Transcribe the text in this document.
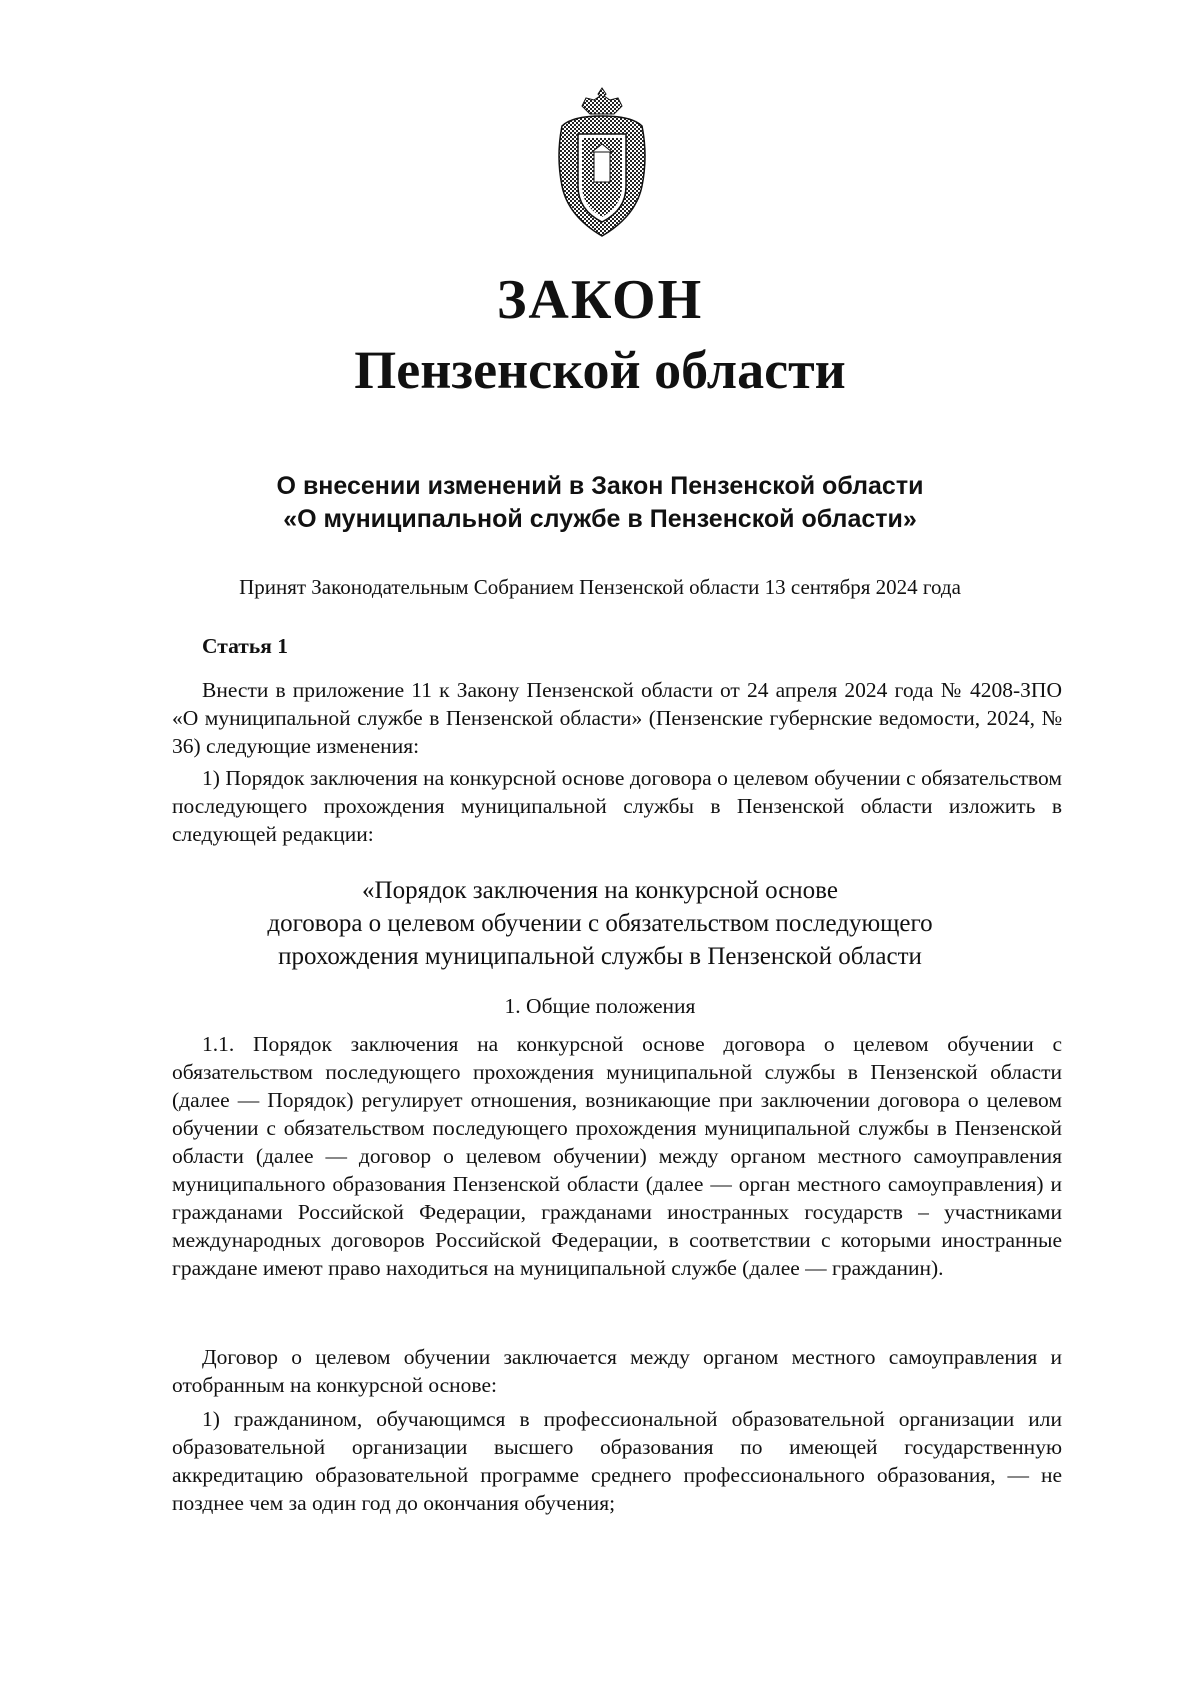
ЗАКОН
Пензенской области
О внесении изменений в Закон Пензенской области
«О муниципальной службе в Пензенской области»
Принят Законодательным Собранием Пензенской области 13 сентября 2024 года
Статья 1

Внести в приложение 11 к Закону Пензенской области от 24 апреля 2024 года № 4208-ЗПО «О муниципальной службе в Пензенской области» (Пензенские губернские ведомости, 2024, № 36) следующие изменения:

1) Порядок заключения на конкурсной основе договора о целевом обучении с обязательством последующего прохождения муниципальной службы в Пензенской области изложить в следующей редакции:

«Порядок заключения на конкурсной основе
договора о целевом обучении с обязательством последующего
прохождения муниципальной службы в Пензенской области
1. Общие положения

1.1. Порядок заключения на конкурсной основе договора о целевом обучении с обязательством последующего прохождения муниципальной службы в Пензенской области (далее — Порядок) регулирует отношения, возникающие при заключении договора о целевом обучении с обязательством последующего прохождения муниципальной службы в Пензенской области (далее — договор о целевом обучении) между органом местного самоуправления муниципального образования Пензенской области (далее — орган местного самоуправления) и гражданами Российской Федерации, гражданами иностранных государств – участниками международных договоров Российской Федерации, в соответствии с которыми иностранные граждане имеют право находиться на муниципальной службе (далее — гражданин).

Договор о целевом обучении заключается между органом местного самоуправления и отобранным на конкурсной основе:

1) гражданином, обучающимся в профессиональной образовательной организации или образовательной организации высшего образования по имеющей государственную аккредитацию образовательной программе среднего профессионального образования, — не позднее чем за один год до окончания обучения;
